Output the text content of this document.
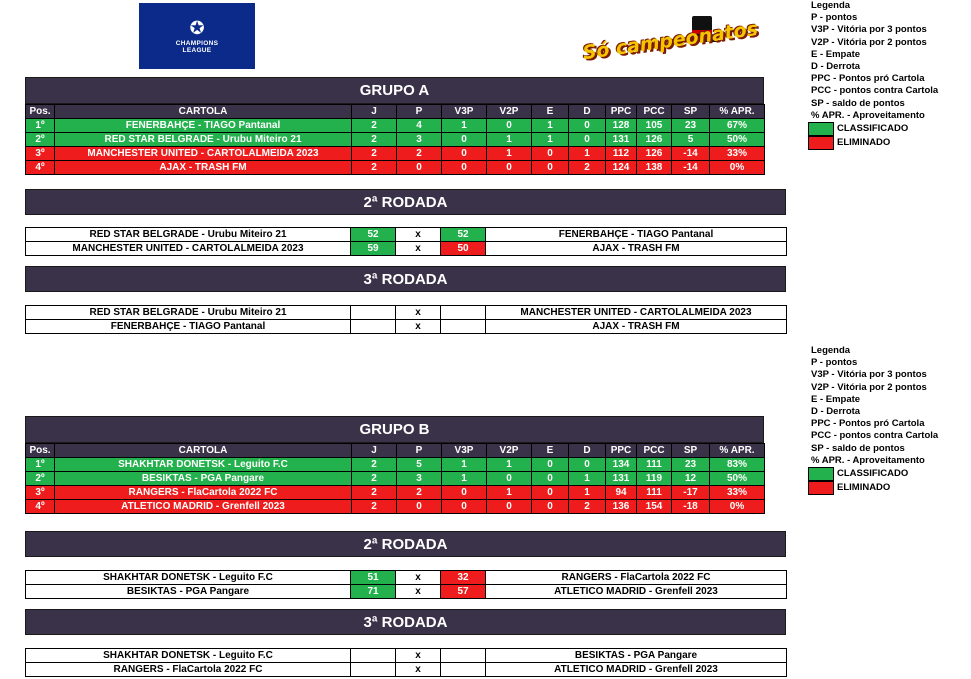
✪
CHAMPIONS
LEAGUE	Só campeonatos
GRUPO A
Pos.	CARTOLA	J	P	V3P	V2P	E	D	PPC	PCC	SP	% APR.
1º	FENERBAHÇE - TIAGO Pantanal	2	4	1	0	1	0	128	105	23	67%
2º	RED STAR BELGRADE - Urubu Miteiro 21	2	3	0	1	1	0	131	126	5	50%
3º	MANCHESTER UNITED - CARTOLALMEIDA 2023	2	2	0	1	0	1	112	126	-14	33%
4º	AJAX - TRASH FM	2	0	0	0	0	2	124	138	-14	0%
2ª RODADA
RED STAR BELGRADE - Urubu Miteiro 21	52	x	52	FENERBAHÇE - TIAGO Pantanal
MANCHESTER UNITED - CARTOLALMEIDA 2023	59	x	50	AJAX - TRASH FM
3ª RODADA
RED STAR BELGRADE - Urubu Miteiro 21		x		MANCHESTER UNITED - CARTOLALMEIDA 2023
FENERBAHÇE - TIAGO Pantanal		x		AJAX - TRASH FM
GRUPO B
Pos.	CARTOLA	J	P	V3P	V2P	E	D	PPC	PCC	SP	% APR.
1º	SHAKHTAR DONETSK - Leguito F.C	2	5	1	1	0	0	134	111	23	83%
2º	BESIKTAS - PGA Pangare	2	3	1	0	0	1	131	119	12	50%
3º	RANGERS - FlaCartola 2022 FC	2	2	0	1	0	1	94	111	-17	33%
4º	ATLETICO MADRID - Grenfell 2023	2	0	0	0	0	2	136	154	-18	0%
2ª RODADA
SHAKHTAR DONETSK - Leguito F.C	51	x	32	RANGERS - FlaCartola 2022 FC
BESIKTAS - PGA Pangare	71	x	57	ATLETICO MADRID - Grenfell 2023
3ª RODADA
SHAKHTAR DONETSK - Leguito F.C		x		BESIKTAS - PGA Pangare
RANGERS - FlaCartola 2022 FC		x		ATLETICO MADRID - Grenfell 2023
Legenda
P - pontos
V3P - Vitória por 3 pontos
V2P - Vitória por 2 pontos
E - Empate
D - Derrota
PPC - Pontos pró Cartola
PCC - pontos contra Cartola
SP - saldo de pontos
% APR. - Aproveitamento
CLASSIFICADO
ELIMINADO
Legenda
P - pontos
V3P - Vitória por 3 pontos
V2P - Vitória por 2 pontos
E - Empate
D - Derrota
PPC - Pontos pró Cartola
PCC - pontos contra Cartola
SP - saldo de pontos
% APR. - Aproveitamento
CLASSIFICADO
ELIMINADO
